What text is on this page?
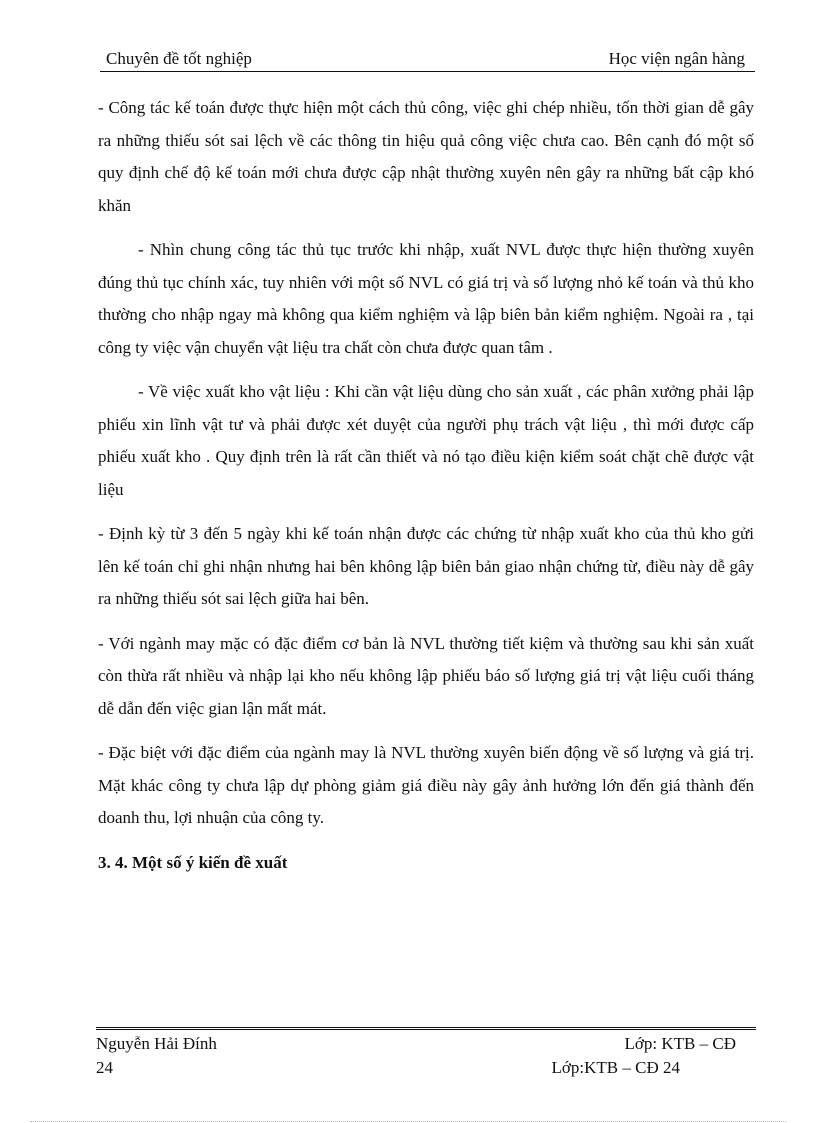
Chuyên đề tốt nghiệp	Học viện ngân hàng

- Công tác kế toán được thực hiện một cách thủ công, việc ghi chép nhiều, tốn thời gian dễ gây ra những thiếu sót sai lệch về các thông tin hiệu quả công việc chưa cao. Bên cạnh đó một số quy định chế độ kế toán mới chưa được cập nhật thường xuyên nên gây ra những bất cập khó khăn

- Nhìn chung công tác thủ tục trước khi nhập, xuất NVL được thực hiện thường xuyên đúng thủ tục chính xác, tuy nhiên với một số NVL có giá trị và số lượng nhỏ kế toán và thủ kho thường cho nhập ngay mà không qua kiểm nghiệm và lập biên bản kiểm nghiệm. Ngoài ra , tại công ty việc vận chuyển vật liệu tra chất còn chưa được quan tâm .

- Về việc xuất kho vật liệu : Khi cần vật liệu dùng cho sản xuất , các phân xưởng phải lập phiếu xin lĩnh vật tư và phải được xét duyệt của người phụ trách vật liệu , thì mới được cấp phiếu xuất kho . Quy định trên là rất cần thiết và nó tạo điều kiện kiểm soát chặt chẽ được vật liệu

- Định kỳ từ 3 đến 5 ngày khi kế toán nhận được các chứng từ nhập xuất kho của thủ kho gửi lên kế toán chỉ ghi nhận nhưng hai bên không lập biên bản giao nhận chứng từ, điều này dễ gây ra những thiếu sót sai lệch giữa hai bên.

- Với ngành may mặc có đặc điểm cơ bản là NVL thường tiết kiệm và thường sau khi sản xuất còn thừa rất nhiều và nhập lại kho nếu không lập phiếu báo số lượng giá trị vật liệu cuối tháng dễ dẫn đến việc gian lận mất mát.

- Đặc biệt với đặc điểm của ngành may là NVL thường xuyên biến động về số lượng và giá trị. Mặt khác công ty chưa lập dự phòng giảm giá điều này gây ảnh hưởng lớn đến giá thành đến doanh thu, lợi nhuận của công ty.

3. 4. Một số ý kiến đề xuất
Nguyễn Hải Đính	Lớp: KTB – CĐ
24	Lớp:KTB – CĐ 24
